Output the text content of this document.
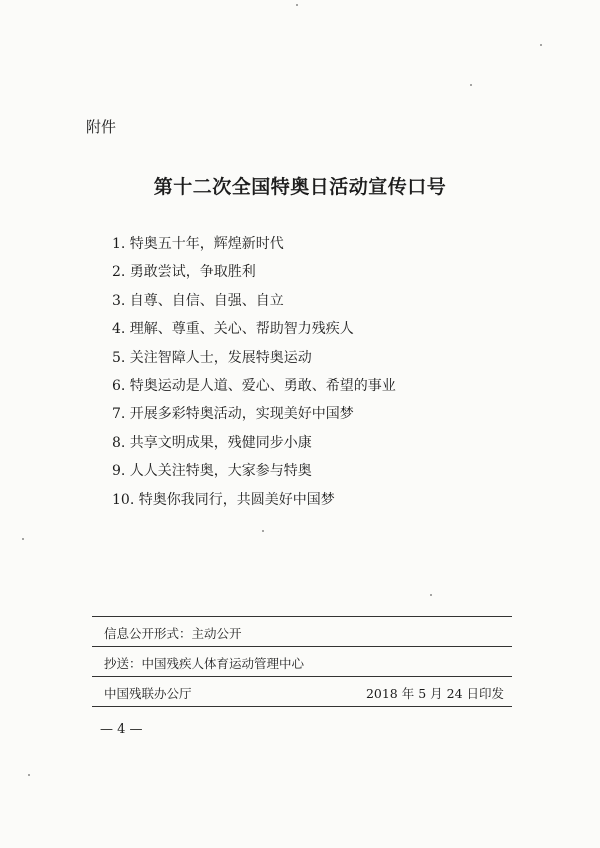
附件
第十二次全国特奥日活动宣传口号
1. 特奥五十年，辉煌新时代
2. 勇敢尝试，争取胜利
3. 自尊、自信、自强、自立
4. 理解、尊重、关心、帮助智力残疾人
5. 关注智障人士，发展特奥运动
6. 特奥运动是人道、爱心、勇敢、希望的事业
7. 开展多彩特奥活动，实现美好中国梦
8. 共享文明成果，残健同步小康
9. 人人关注特奥，大家参与特奥
10. 特奥你我同行，共圆美好中国梦
信息公开形式：主动公开
抄送：中国残疾人体育运动管理中心
中国残联办公厅	2018 年 5 月 24 日印发
— 4 —
